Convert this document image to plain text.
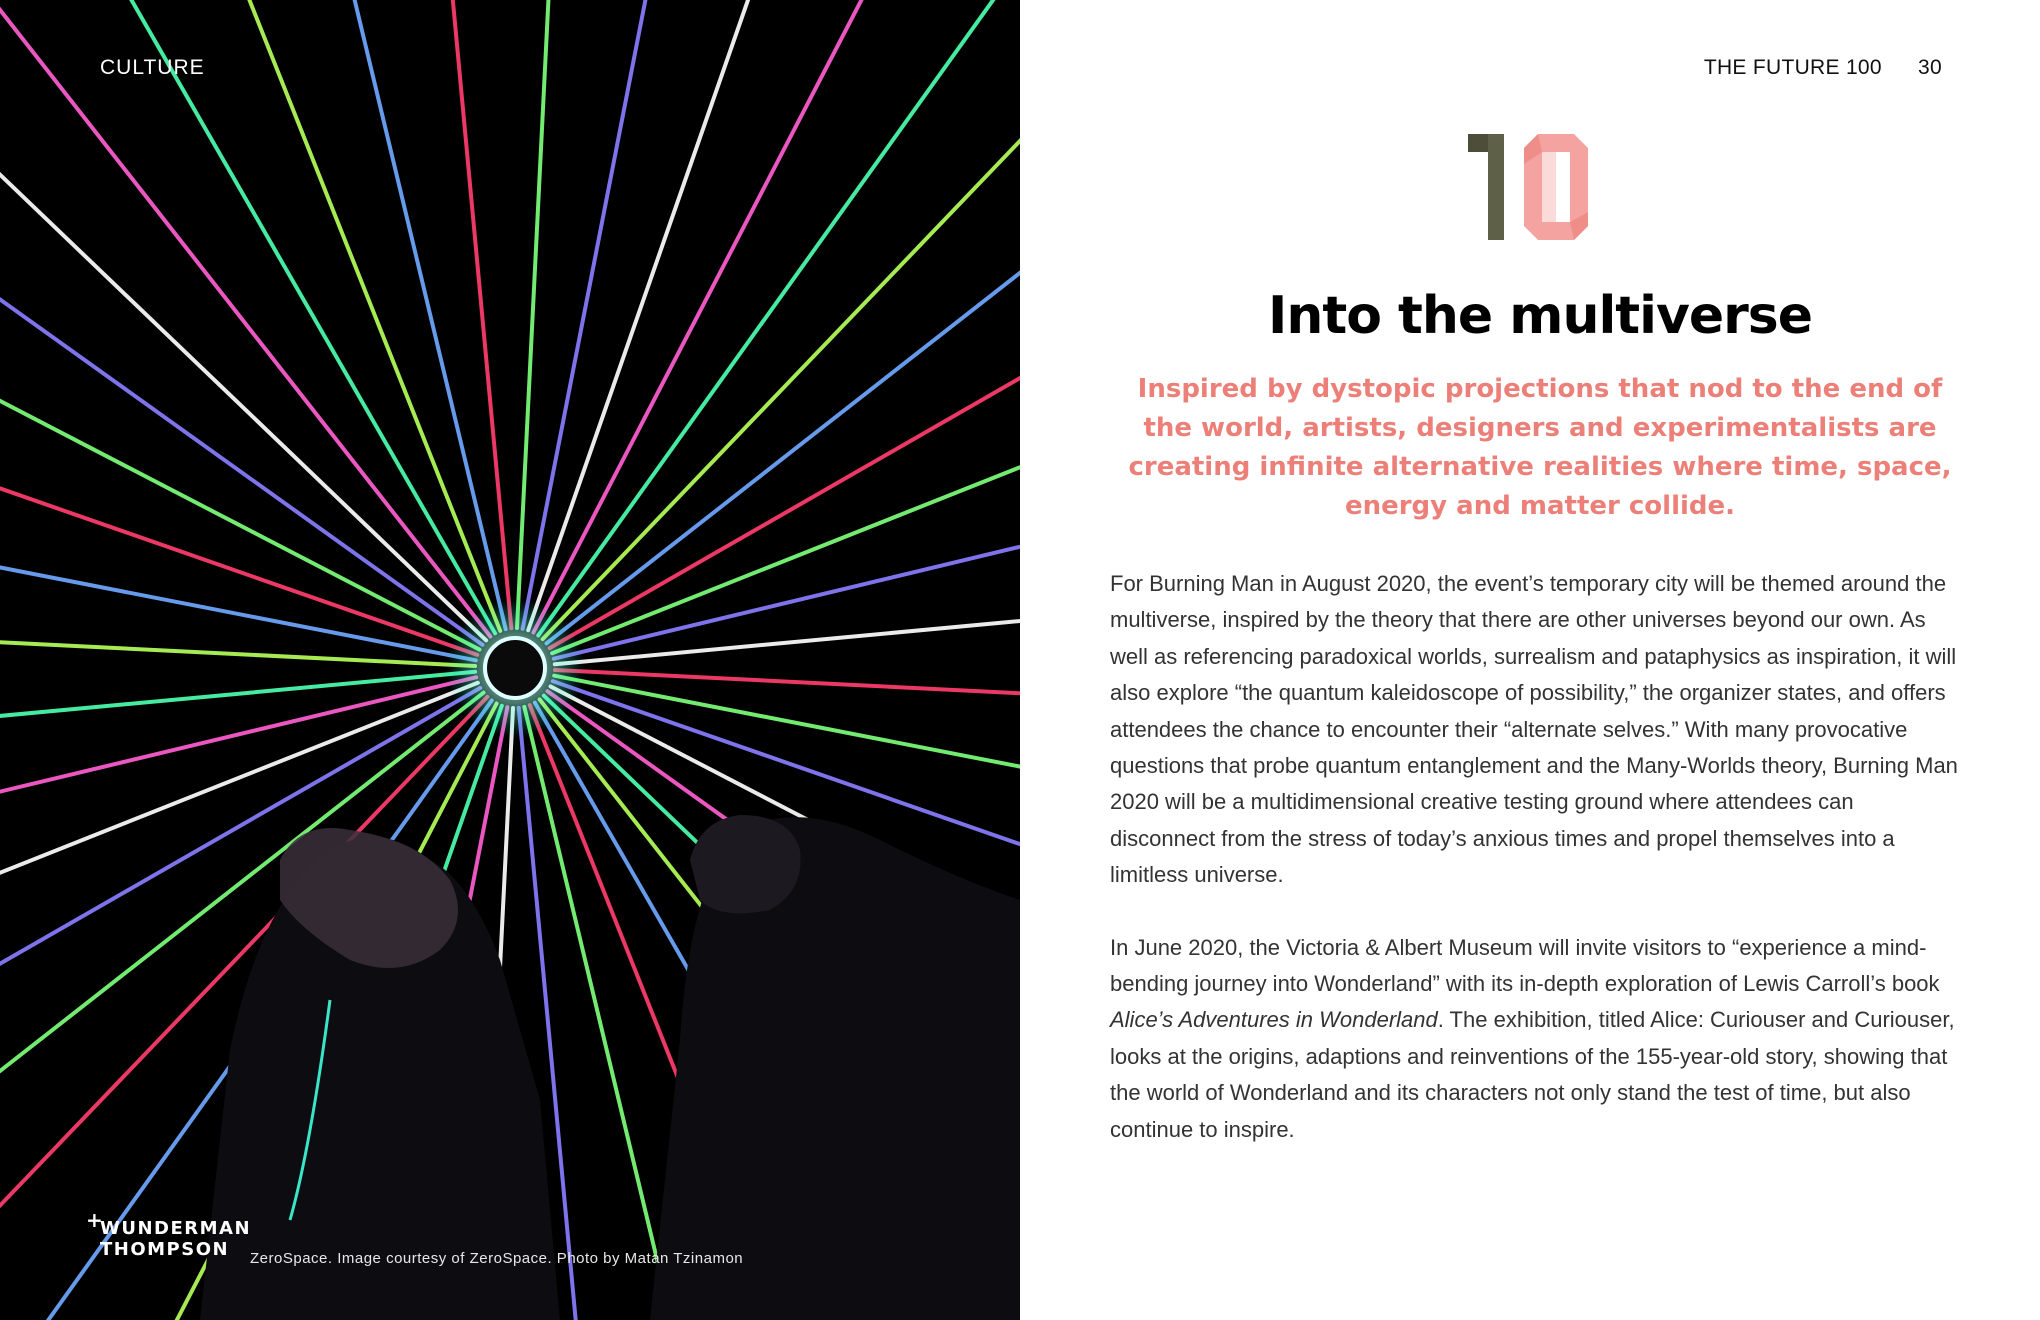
CULTURE
+
WUNDERMAN
THOMPSON	ZeroSpace. Image courtesy of ZeroSpace. Photo by Matan Tzinamon
THE FUTURE 100 30
Into the multiverse
Inspired by dystopic projections that nod to the end of the world, artists, designers and experimentalists are creating infinite alternative realities where time, space, energy and matter collide.

For Burning Man in August 2020, the event’s temporary city will be themed around the multiverse, inspired by the theory that there are other universes beyond our own. As well as referencing paradoxical worlds, surrealism and pataphysics as inspiration, it will also explore “the quantum kaleidoscope of possibility,” the organizer states, and offers attendees the chance to encounter their “alternate selves.” With many provocative questions that probe quantum entanglement and the Many-Worlds theory, Burning Man 2020 will be a multidimensional creative testing ground where attendees can disconnect from the stress of today’s anxious times and propel themselves into a limitless universe.

In June 2020, the Victoria & Albert Museum will invite visitors to “experience a mind-bending journey into Wonderland” with its in-depth exploration of Lewis Carroll’s book Alice’s Adventures in Wonderland. The exhibition, titled Alice: Curiouser and Curiouser, looks at the origins, adaptions and reinventions of the 155-year-old story, showing that the world of Wonderland and its characters not only stand the test of time, but also continue to inspire.
